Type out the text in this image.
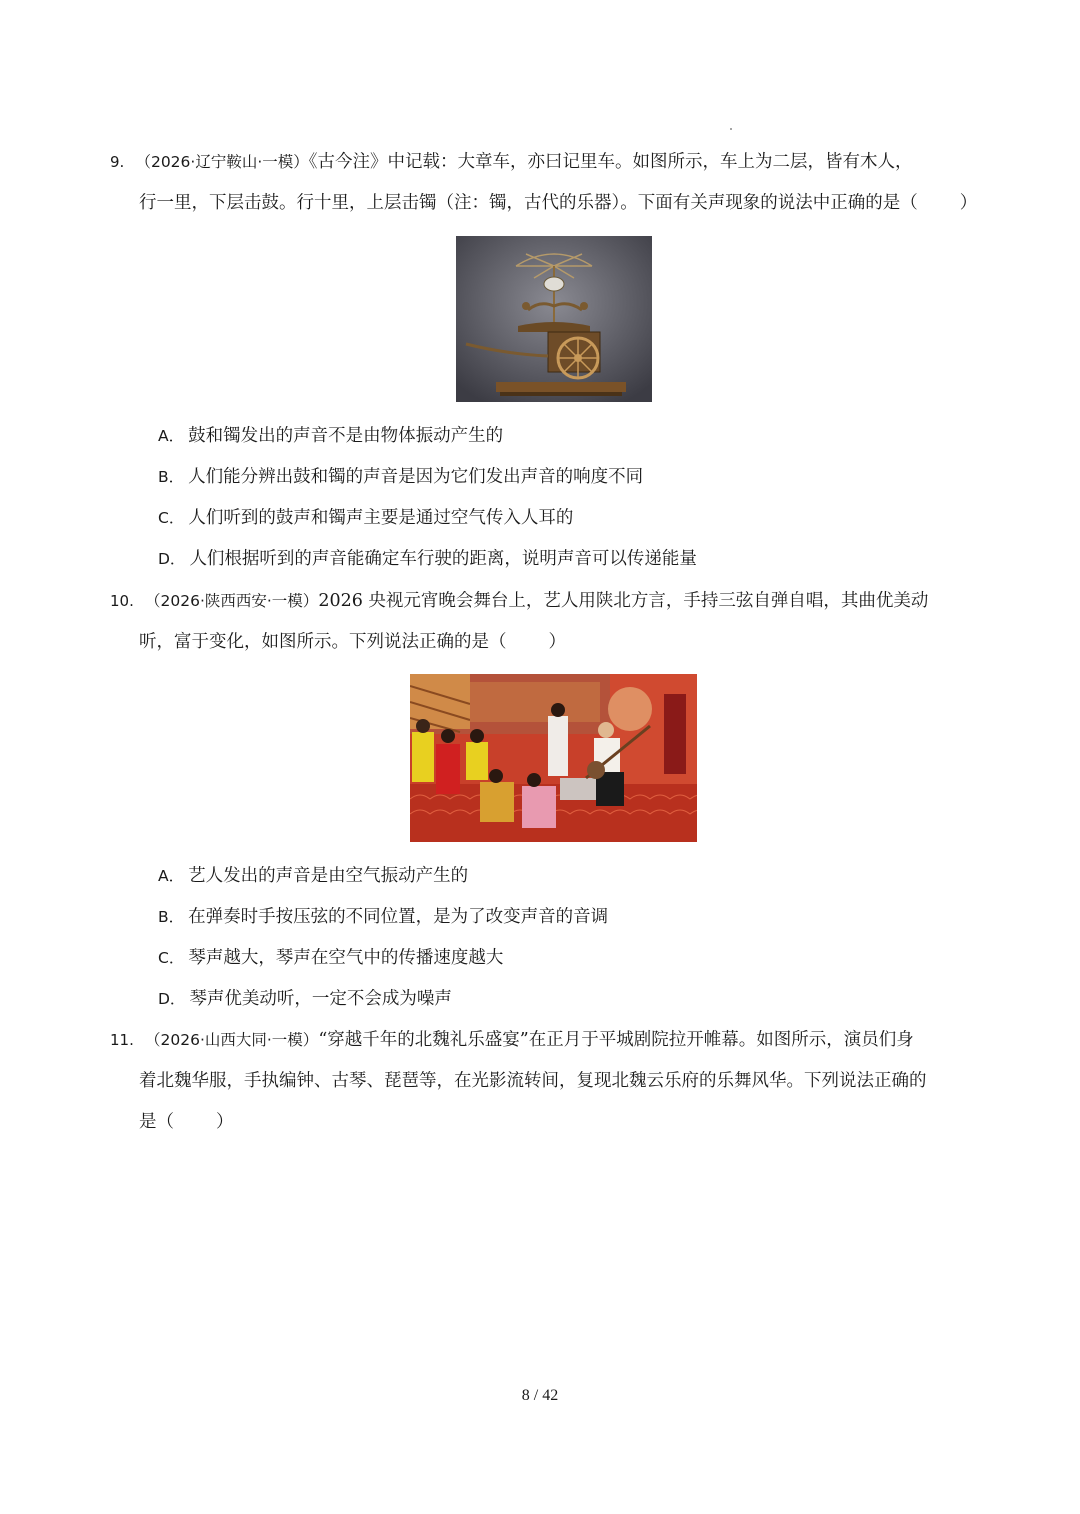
9. （2026·辽宁鞍山·一模）《古今注》中记载：大章车，亦曰记里车。如图所示，车上为二层，皆有木人，
行一里，下层击鼓。行十里，上层击镯（注：镯，古代的乐器）。下面有关声现象的说法中正确的是（ ）
A． 鼓和镯发出的声音不是由物体振动产生的
B． 人们能分辨出鼓和镯的声音是因为它们发出声音的响度不同
C． 人们听到的鼓声和镯声主要是通过空气传入人耳的
D． 人们根据听到的声音能确定车行驶的距离，说明声音可以传递能量
10. （2026·陕西西安·一模）2026 央视元宵晚会舞台上，艺人用陕北方言，手持三弦自弹自唱，其曲优美动
听，富于变化，如图所示。下列说法正确的是（ ）
A． 艺人发出的声音是由空气振动产生的
B． 在弹奏时手按压弦的不同位置，是为了改变声音的音调
C． 琴声越大，琴声在空气中的传播速度越大
D． 琴声优美动听，一定不会成为噪声
11. （2026·山西大同·一模）“穿越千年的北魏礼乐盛宴”在正月于平城剧院拉开帷幕。如图所示，演员们身
着北魏华服，手执编钟、古琴、琵琶等，在光影流转间，复现北魏云乐府的乐舞风华。下列说法正确的
是（ ）
8 / 42
